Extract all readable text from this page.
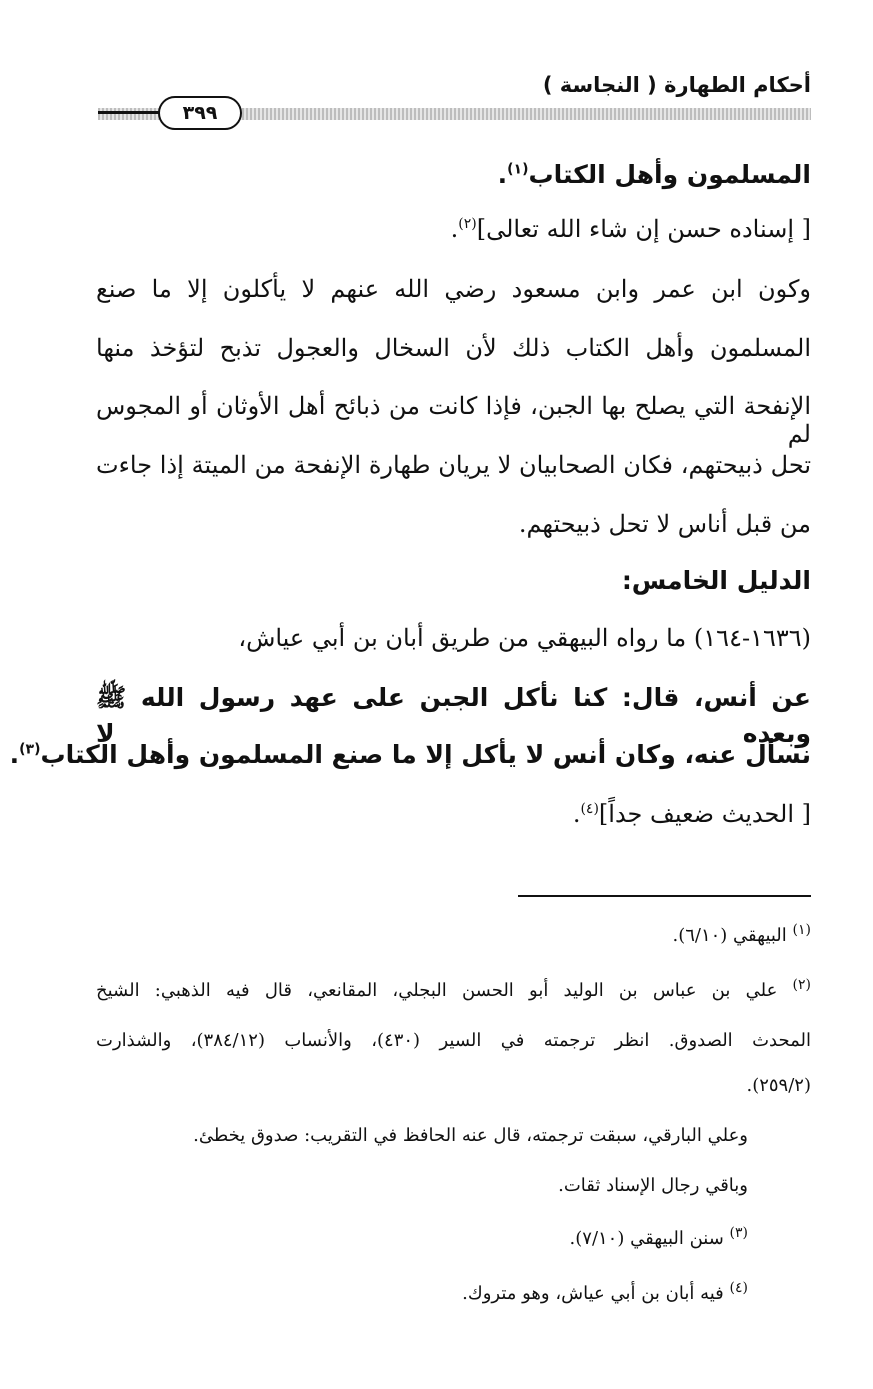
أحكام الطهارة ( النجاسة )
٣٩٩
المسلمون وأهل الكتاب$^{(١)}$.
[ إسناده حسن إن شاء الله تعالى]$^{(٢)}$.
وكون ابن عمر وابن مسعود رضي الله عنهم لا يأكلون إلا ما صنع
المسلمون وأهل الكتاب ذلك لأن السخال والعجول تذبح لتؤخذ منها
الإنفحة التي يصلح بها الجبن، فإذا كانت من ذبائح أهل الأوثان أو المجوس لم
تحل ذبيحتهم، فكان الصحابيان لا يريان طهارة الإنفحة من الميتة إذا جاءت
من قبل أناس لا تحل ذبيحتهم.
الدليل الخامس:
(١٦٣٦-١٦٤) ما رواه البيهقي من طريق أبان بن أبي عياش،
عن أنس، قال: كنا نأكل الجبن على عهد رسول الله ﷺ وبعده لا
نسأل عنه، وكان أنس لا يأكل إلا ما صنع المسلمون وأهل الكتاب$^{(٣)}$.
[ الحديث ضعيف جداً]$^{(٤)}$.
$^{(١)}$ البيهقي (٦/١٠).
$^{(٢)}$ علي بن عباس بن الوليد أبو الحسن البجلي، المقانعي، قال فيه الذهبي: الشيخ
المحدث الصدوق. انظر ترجمته في السير (٤٣٠)، والأنساب (٣٨٤/١٢)، والشذارت
(٢٥٩/٢).
وعلي البارقي، سبقت ترجمته، قال عنه الحافظ في التقريب: صدوق يخطئ.
وباقي رجال الإسناد ثقات.
$^{(٣)}$ سنن البيهقي (٧/١٠).
$^{(٤)}$ فيه أبان بن أبي عياش، وهو متروك.
